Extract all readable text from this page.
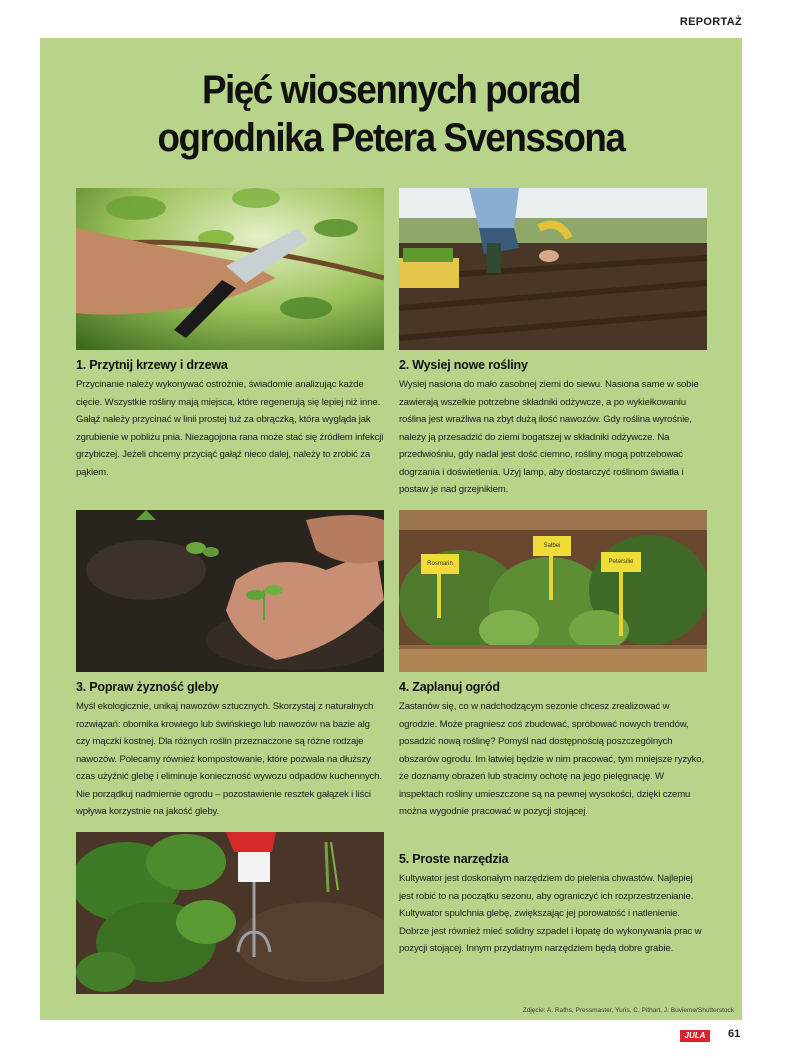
REPORTAŻ
Pięć wiosennych porad
ogrodnika Petera Svenssona
1. Przytnij krzewy i drzewa

Przycinanie należy wykonywać ostrożnie, świadomie analizując każde cięcie. Wszystkie rośliny mają miejsca, które regenerują się lepiej niż inne. Gałąź należy przycinać w linii prostej tuż za obrączką, która wygląda jak zgrubienie w pobliżu pnia. Niezagojona rana może stać się źródłem infekcji grzybiczej. Jeżeli chcemy przyciąć gałąź nieco dalej, należy to zrobić za pąkiem.

2. Wysiej nowe rośliny

Wysiej nasiona do mało zasobnej ziemi do siewu. Nasiona same w sobie zawierają wszelkie potrzebne składniki odżywcze, a po wykiełkowaniu roślina jest wrażliwa na zbyt dużą ilość nawozów. Gdy roślina wyrośnie, należy ją przesadzić do ziemi bogatszej w składniki odżywcze. Na przedwiośniu, gdy nadal jest dość ciemno, rośliny mogą potrzebować dogrzania i doświetlenia. Użyj lamp, aby dostarczyć roślinom światła i postaw je nad grzejnikiem.

Rosmarin
Salbei
Petersilie
3. Popraw żyzność gleby

Myśl ekologicznie, unikaj nawozów sztucznych. Skorzystaj z naturalnych rozwiązań: obornika krowiego lub świńskiego lub nawozów na bazie alg czy mączki kostnej. Dla różnych roślin przeznaczone są różne rodzaje nawozów. Polecamy również kompostowanie, które pozwala na dłuższy czas użyźnić glebę i eliminuje konieczność wywozu odpadów kuchennych. Nie porządkuj nadmiernie ogrodu – pozostawienie resztek gałązek i liści wpływa korzystnie na jakość gleby.

4. Zaplanuj ogród

Zastanów się, co w nadchodzącym sezonie chcesz zrealizować w ogrodzie. Może pragniesz coś zbudować, spróbować nowych trendów, posadzić nową roślinę? Pomyśl nad dostępnością poszczególnych obszarów ogrodu. Im łatwiej będzie w nim pracować, tym mniejsze ryzyko, że doznamy obrażeń lub stracimy ochotę na jego pielęgnację. W inspektach rośliny umieszczone są na pewnej wysokości, dzięki czemu można wygodnie pracować w pozycji stojącej.

5. Proste narzędzia

Kultywator jest doskonałym narzędziem do pielenia chwastów. Najlepiej jest robić to na początku sezonu, aby ograniczyć ich rozprzestrzenianie. Kultywator spulchnia glebę, zwiększając jej porowatość i natlenienie. Dobrze jest również mieć solidny szpadel i łopatę do wykonywania prac w pozycji stojącej. Innym przydatnym narzędziem będą dobre grabie.

Zdjęcie: A. Raths, Pressmaster, Yuris, C. Pithart, J. Buvieme/Shutterstock
JULA	61
